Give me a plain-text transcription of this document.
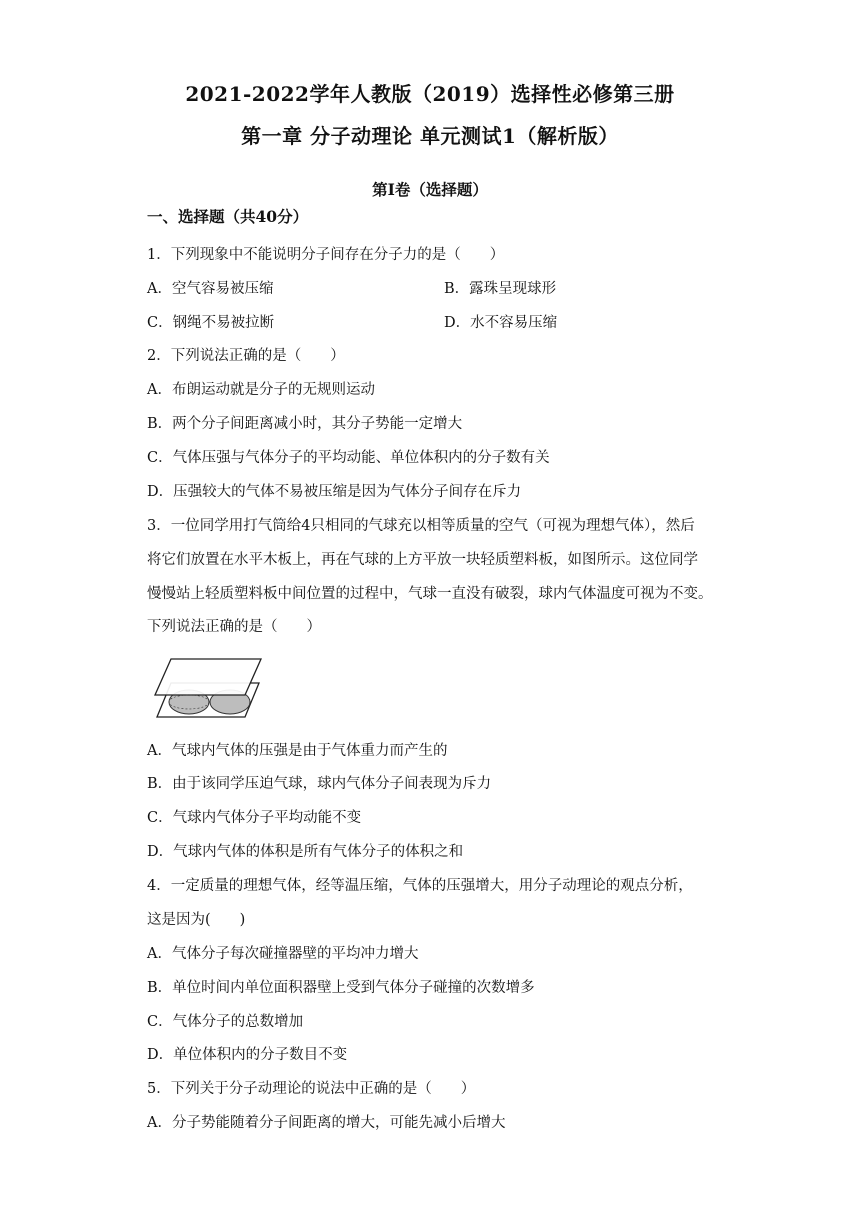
2021-2022学年人教版（2019）选择性必修第三册
第一章 分子动理论 单元测试1（解析版）
第Ⅰ卷（选择题）
一、选择题（共40分）
1．下列现象中不能说明分子间存在分子力的是（　　）
A．空气容易被压缩	B．露珠呈现球形
C．钢绳不易被拉断	D．水不容易压缩
2．下列说法正确的是（　　）
A．布朗运动就是分子的无规则运动
B．两个分子间距离减小时，其分子势能一定增大
C．气体压强与气体分子的平均动能、单位体积内的分子数有关
D．压强较大的气体不易被压缩是因为气体分子间存在斥力
3．一位同学用打气筒给4只相同的气球充以相等质量的空气（可视为理想气体），然后
将它们放置在水平木板上，再在气球的上方平放一块轻质塑料板，如图所示。这位同学
慢慢站上轻质塑料板中间位置的过程中，气球一直没有破裂，球内气体温度可视为不变。
下列说法正确的是（　　）
A．气球内气体的压强是由于气体重力而产生的
B．由于该同学压迫气球，球内气体分子间表现为斥力
C．气球内气体分子平均动能不变
D．气球内气体的体积是所有气体分子的体积之和
4．一定质量的理想气体，经等温压缩，气体的压强增大，用分子动理论的观点分析，
这是因为(　　)
A．气体分子每次碰撞器壁的平均冲力增大
B．单位时间内单位面积器壁上受到气体分子碰撞的次数增多
C．气体分子的总数增加
D．单位体积内的分子数目不变
5．下列关于分子动理论的说法中正确的是（　　）
A．分子势能随着分子间距离的增大，可能先减小后增大
